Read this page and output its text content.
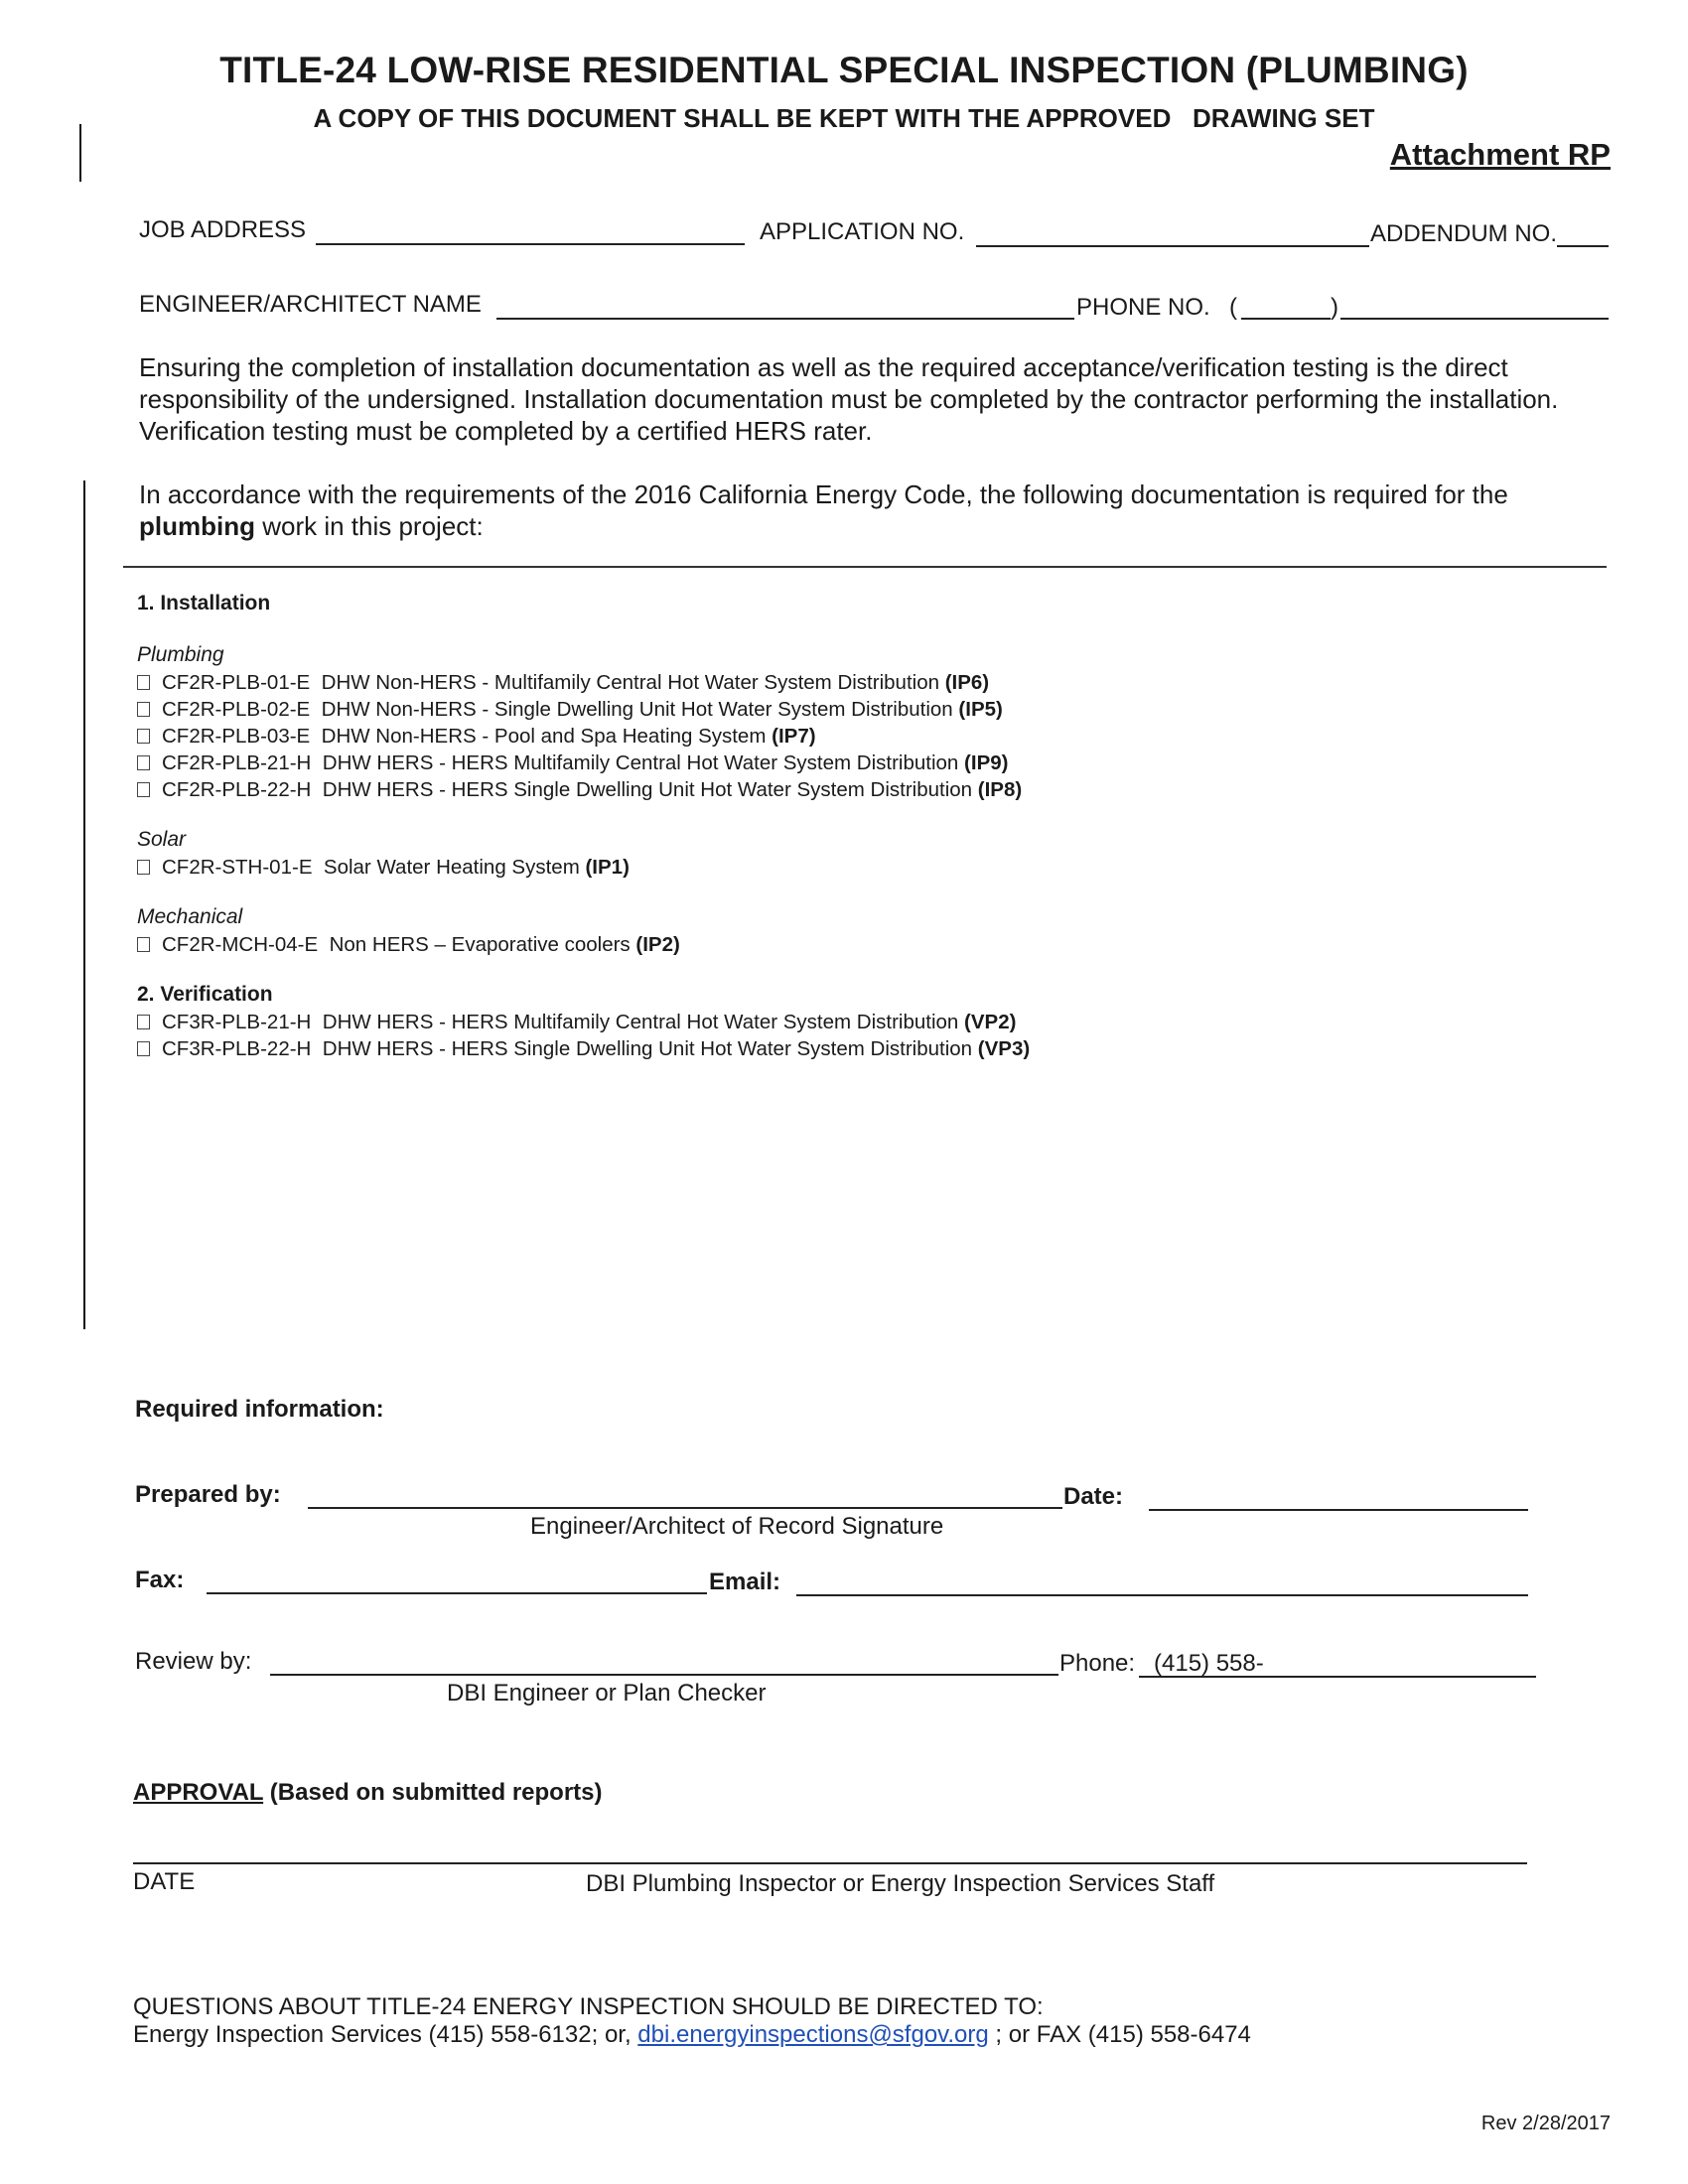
TITLE-24 LOW-RISE RESIDENTIAL SPECIAL INSPECTION (PLUMBING)
A COPY OF THIS DOCUMENT SHALL BE KEPT WITH THE APPROVED   DRAWING SET
Attachment RP
JOB ADDRESS	APPLICATION NO.	ADDENDUM NO.
ENGINEER/ARCHITECT NAME	PHONE NO. (	)
Ensuring the completion of installation documentation as well as the required acceptance/verification testing is the direct responsibility of the undersigned. Installation documentation must be completed by the contractor performing the installation. Verification testing must be completed by a certified HERS rater.
In accordance with the requirements of the 2016 California Energy Code, the following documentation is required for the plumbing work in this project:
1. Installation
Plumbing
CF2R-PLB-01-E DHW Non-HERS - Multifamily Central Hot Water System Distribution (IP6)
CF2R-PLB-02-E DHW Non-HERS - Single Dwelling Unit Hot Water System Distribution (IP5)
CF2R-PLB-03-E DHW Non-HERS - Pool and Spa Heating System (IP7)
CF2R-PLB-21-H DHW HERS - HERS Multifamily Central Hot Water System Distribution (IP9)
CF2R-PLB-22-H DHW HERS - HERS Single Dwelling Unit Hot Water System Distribution (IP8)
Solar
CF2R-STH-01-E Solar Water Heating System (IP1)
Mechanical
CF2R-MCH-04-E Non HERS – Evaporative coolers (IP2)
2. Verification
CF3R-PLB-21-H DHW HERS - HERS Multifamily Central Hot Water System Distribution (VP2)
CF3R-PLB-22-H DHW HERS - HERS Single Dwelling Unit Hot Water System Distribution (VP3)
Required information:
Prepared by:
Engineer/Architect of Record Signature
Date:
Fax:	Email:
Review by:
DBI Engineer or Plan Checker
Phone: (415) 558-
APPROVAL (Based on submitted reports)
DATE	DBI Plumbing Inspector or Energy Inspection Services Staff
QUESTIONS ABOUT TITLE-24 ENERGY INSPECTION SHOULD BE DIRECTED TO:
Energy Inspection Services (415) 558-6132; or, dbi.energyinspections@sfgov.org ; or FAX (415) 558-6474
Rev 2/28/2017
